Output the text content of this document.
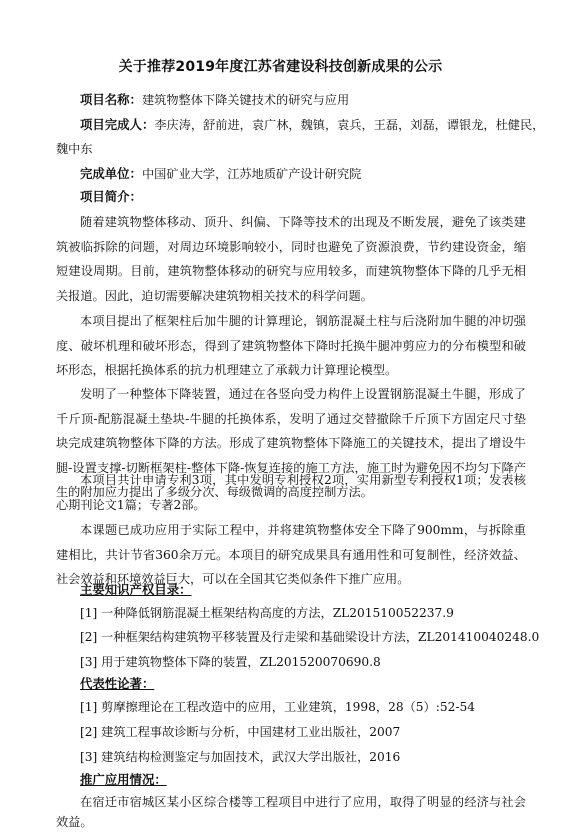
关于推荐2019年度江苏省建设科技创新成果的公示
项目名称：建筑物整体下降关键技术的研究与应用
项目完成人：李庆涛，舒前进，袁广林，魏镇，袁兵，王磊，刘磊，谭银龙，杜健民，
魏中东
完成单位：中国矿业大学，江苏地质矿产设计研究院
项目简介：
随着建筑物整体移动、顶升、纠偏、下降等技术的出现及不断发展，避免了该类建筑被临拆除的问题，对周边环境影响较小，同时也避免了资源浪费，节约建设资金，缩短建设周期。目前，建筑物整体移动的研究与应用较多，而建筑物整体下降的几乎无相关报道。因此，迫切需要解决建筑物相关技术的科学问题。
本项目提出了框架柱后加牛腿的计算理论，钢筋混凝土柱与后浇附加牛腿的冲切强度、破坏机理和破坏形态，得到了建筑物整体下降时托换牛腿冲剪应力的分布模型和破坏形态，根据托换体系的抗力机理建立了承载力计算理论模型。
发明了一种整体下降装置，通过在各竖向受力构件上设置钢筋混凝土牛腿，形成了千斤顶-配筋混凝土垫块-牛腿的托换体系，发明了通过交替撤除千斤顶下方固定尺寸垫块完成建筑物整体下降的方法。形成了建筑物整体下降施工的关键技术，提出了增设牛腿-设置支撑-切断框架柱-整体下降-恢复连接的施工方法，施工时为避免因不均匀下降产生的附加应力提出了多级分次、每级微调的高度控制方法。
本项目共计申请专利3项，其中发明专利授权2项，实用新型专利授权1项；发表核心期刊论文1篇；专著2部。
本课题已成功应用于实际工程中，并将建筑物整体安全下降了900mm，与拆除重建相比，共计节省360余万元。本项目的研究成果具有通用性和可复制性，经济效益、社会效益和环境效益巨大，可以在全国其它类似条件下推广应用。
主要知识产权目录：
[1] 一种降低钢筋混凝土框架结构高度的方法，ZL201510052237.9
[2] 一种框架结构建筑物平移装置及行走梁和基础梁设计方法，ZL201410040248.0
[3] 用于建筑物整体下降的装置，ZL201520070690.8
代表性论著：
[1] 剪摩擦理论在工程改造中的应用，工业建筑，1998，28（5）:52-54
[2] 建筑工程事故诊断与分析，中国建材工业出版社，2007
[3] 建筑结构检测鉴定与加固技术，武汉大学出版社，2016
推广应用情况：
在宿迁市宿城区某小区综合楼等工程项目中进行了应用，取得了明显的经济与社会效益。
